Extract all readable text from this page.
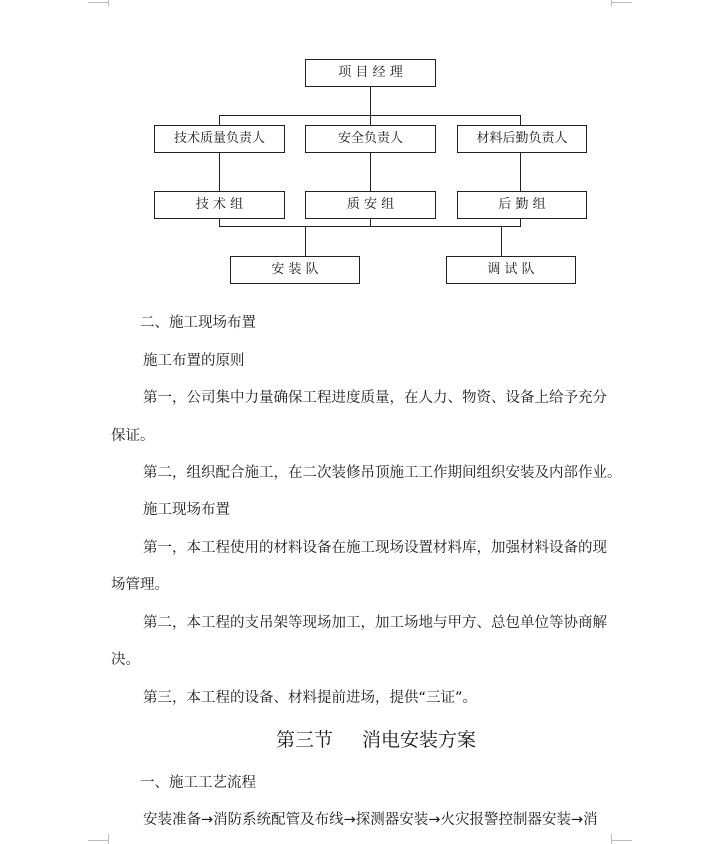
项 目 经 理
技术质量负责人	安全负责人	材料后勤负责人
技 术 组	质 安 组	后 勤 组
安 装 队	调 试 队
二、施工现场布置
施工布置的原则
第一，公司集中力量确保工程进度质量，在人力、物资、设备上给予充分
保证。
第二，组织配合施工，在二次装修吊顶施工工作期间组织安装及内部作业。
施工现场布置
第一，本工程使用的材料设备在施工现场设置材料库，加强材料设备的现
场管理。
第二，本工程的支吊架等现场加工，加工场地与甲方、总包单位等协商解
决。
第三，本工程的设备、材料提前进场，提供“三证”。
第三节 消电安装方案
一、施工工艺流程
安装准备→消防系统配管及布线→探测器安装→火灾报警控制器安装→消
